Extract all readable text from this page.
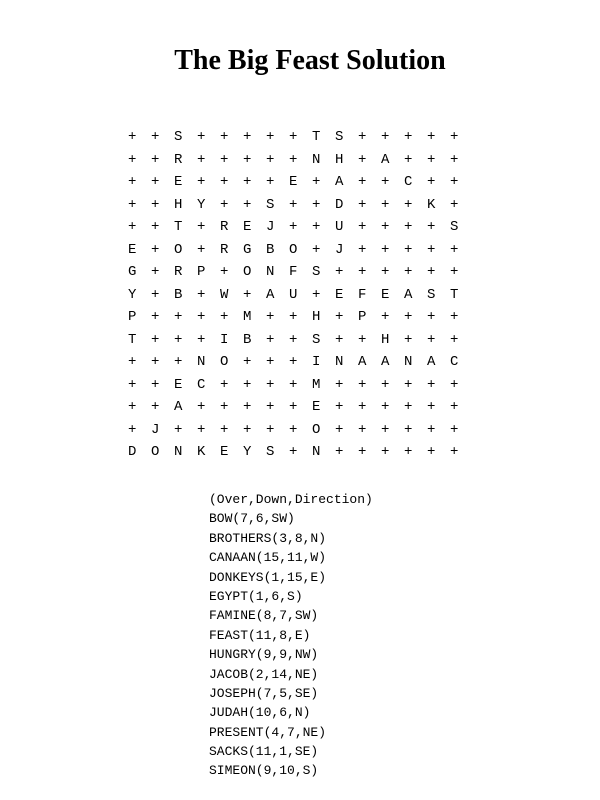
The Big Feast Solution
+	+	S	+	+	+	+	+	T	S	+	+	+	+	+
+	+	R	+	+	+	+	+	N	H	+	A	+	+	+
+	+	E	+	+	+	+	E	+	A	+	+	C	+	+
+	+	H	Y	+	+	S	+	+	D	+	+	+	K	+
+	+	T	+	R	E	J	+	+	U	+	+	+	+	S
E	+	O	+	R	G	B	O	+	J	+	+	+	+	+
G	+	R	P	+	O	N	F	S	+	+	+	+	+	+
Y	+	B	+	W	+	A	U	+	E	F	E	A	S	T
P	+	+	+	+	M	+	+	H	+	P	+	+	+	+
T	+	+	+	I	B	+	+	S	+	+	H	+	+	+
+	+	+	N	O	+	+	+	I	N	A	A	N	A	C
+	+	E	C	+	+	+	+	M	+	+	+	+	+	+
+	+	A	+	+	+	+	+	E	+	+	+	+	+	+
+	J	+	+	+	+	+	+	O	+	+	+	+	+	+
D	O	N	K	E	Y	S	+	N	+	+	+	+	+	+
(Over,Down,Direction)
BOW(7,6,SW)
BROTHERS(3,8,N)
CANAAN(15,11,W)
DONKEYS(1,15,E)
EGYPT(1,6,S)
FAMINE(8,7,SW)
FEAST(11,8,E)
HUNGRY(9,9,NW)
JACOB(2,14,NE)
JOSEPH(7,5,SE)
JUDAH(10,6,N)
PRESENT(4,7,NE)
SACKS(11,1,SE)
SIMEON(9,10,S)
